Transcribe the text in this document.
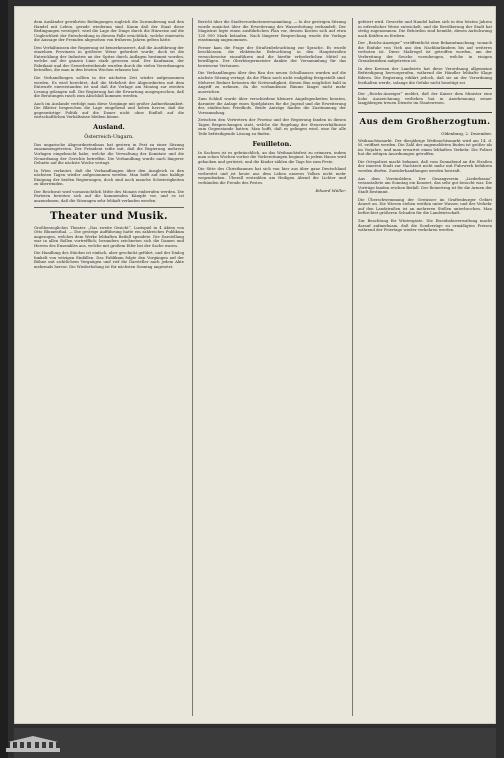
dem Ausländer gewährten Bedingungen zugleich die Zuwanderung und den Handel mit Leben, gerade wiederum sind. Kaum daß der Staat diese Bedingungen verzögert, wird die Lage der Dinge durch die Hinweise auf die Ungleichheit der Entscheidung in diesem Falle ersichtlich, welche einerseits die Aussage der Fremden abgesehen von früheren Jahren gelten hätte.

Den Verhältnissen der Regierung ist bemerkenswert, daß die Ausführung der einzelnen Provinzen in größerer Weise gefordert wurde; doch ist die Entwicklung der Industrie an der Spitze durch Auflagen bestimmt worden, welche auf der ganzen Linie stark gewesen sind. Der Kaufmann, der Fabrikant und der Gewerbetreibende wurden durch die vielen Verordnungen betroffen, die man in den letzten Wochen erlassen hat.

Die Verhandlungen sollten in der nächsten Zeit wieder aufgenommen werden. Es wird berichtet, daß die Mehrheit der Abgeordneten mit dem Entwurfe einverstanden ist und daß die Vorlage am Montag zur zweiten Lesung gelangen soll. Die Regierung hat die Erwartung ausgesprochen, daß die Beratungen rasch zum Abschluß kommen werden.

Auch im Auslande verfolgt man diese Vorgänge mit großer Aufmerksamkeit. Die Blätter besprechen die Lage eingehend und heben hervor, daß die gegenwärtige Politik auf die Dauer nicht ohne Einfluß auf die wirtschaftlichen Verhältnisse bleiben könne.

Ausland.
Österreich-Ungarn.

Das ungarische Abgeordnetenhaus hat gestern in Pest zu einer Sitzung zusammengetreten. Der Präsident teilte mit, daß die Regierung mehrere Vorlagen eingebracht habe, welche die Verwaltung der Komitate und die Neuordnung der Gerichte betreffen. Die Verhandlung wurde nach längerer Debatte auf die nächste Woche vertagt.

In Wien verlautet, daß die Verhandlungen über den Ausgleich in den nächsten Tagen wieder aufgenommen werden. Man hofft auf eine baldige Einigung der beiden Regierungen, doch sind noch manche Schwierigkeiten zu überwinden.

Der Reichsrat wird voraussichtlich Mitte des Monats einberufen werden. Die Parteien bereiten sich auf die kommenden Kämpfe vor, und es ist anzunehmen, daß die Sitzungen sehr lebhaft verlaufen werden.

Theater und Musik.

Großherzogliches Theater. „Das zweite Gesicht“, Lustspiel in 4 Akten von Otto Blumenthal. — Die gestrige Aufführung hatte ein zahlreiches Publikum angezogen, welches dem Werke lebhaften Beifall spendete. Die Darstellung war in allen Rollen vortrefflich; besonders zeichneten sich die Damen und Herren des Ensembles aus, welche mit großem Eifer bei der Sache waren.

Die Handlung des Stückes ist einfach, aber geschickt geführt, und der Dialog funkelt von witzigen Einfällen. Das Publikum folgte den Vorgängen auf der Bühne mit sichtlichem Vergnügen und rief die Darsteller nach jedem Akte mehrmals hervor. Die Wiederholung ist für nächsten Sonntag angesetzt.

Bericht über die Stadtverordnetenversammlung. — In der gestrigen Sitzung wurde zunächst über die Erweiterung der Wasserleitung verhandelt. Der Magistrat legte einen ausführlichen Plan vor, dessen Kosten sich auf etwa 120 000 Mark belaufen. Nach längerer Besprechung wurde die Vorlage einstimmig angenommen.

Ferner kam die Frage der Straßenbeleuchtung zur Sprache. Es wurde beschlossen, die elektrische Beleuchtung in den Hauptstraßen versuchsweise einzuführen und die hierfür erforderlichen Mittel zu bewilligen. Der Oberbürgermeister dankte der Versammlung für das bewiesene Vertrauen.

Die Verhandlungen über den Bau des neuen Schulhauses wurden auf die nächste Sitzung vertagt, da die Pläne noch nicht endgültig festgestellt sind. Mehrere Redner betonten die Notwendigkeit, diesen Bau möglichst bald in Angriff zu nehmen, da die vorhandenen Räume längst nicht mehr ausreichen.

Zum Schluß wurde über verschiedene kleinere Angelegenheiten beraten, darunter die Anlage eines Spielplatzes für die Jugend und die Erweiterung des städtischen Friedhofs. Beide Anträge fanden die Zustimmung der Versammlung.

Zwischen den Vertretern der Provinz und der Regierung fanden in diesen Tagen Besprechungen statt, welche die Regelung der Steuerverhältnisse zum Gegenstande hatten. Man hofft, daß es gelingen wird, eine für alle Teile befriedigende Lösung zu finden.

Feuilleton.

In Sachsen ist es gebräuchlich, an das Weihnachtsfest zu erinnern, indem man schon Wochen vorher die Vorbereitungen beginnt. In jedem Hause wird gebacken und gerüstet, und die Kinder zählen die Tage bis zum Feste.

Die Sitte des Christbaumes hat sich von hier aus über ganz Deutschland verbreitet und ist heute aus dem Leben unseres Volkes nicht mehr wegzudenken. Überall erstrahlen am Heiligen Abend die Lichter und verkünden die Freude des Festes.

Eduard Müller.

gefeiert wird. Gewerbe und Handel haben sich in den letzten Jahren in erfreulicher Weise entwickelt, und die Bevölkerung der Stadt hat stetig zugenommen. Die Behörden sind bemüht, diesen Aufschwung nach Kräften zu fördern.

Der „Reichs-Anzeiger“ veröffentlicht eine Bekanntmachung, wonach die Einfuhr von Vieh aus den Nachbarländern bis auf weiteres verboten ist. Diese Maßregel ist getroffen worden, um der Verbreitung der Seuche vorzubeugen, welche in einigen Grenzbezirken aufgetreten ist.

In den Kreisen der Landwirte hat diese Verordnung allgemeine Befriedigung hervorgerufen, während die Händler lebhafte Klage führen. Die Regierung erklärt jedoch, daß sie an der Verordnung festhalten werde, solange die Gefahr nicht beseitigt sei.

Der „Reichs-Anzeiger“ meldet, daß der Kaiser dem Minister eine hohe Auszeichnung verliehen hat in Anerkennung seiner langjährigen treuen Dienste im Staatswesen.

Aus dem Großherzogtum.
Oldenburg, 2. Dezember.

Weihnachtsmarkt. Der diesjährige Weihnachtsmarkt wird am 14. d. M. eröffnet werden. Die Zahl der angemeldeten Buden ist größer als im Vorjahre, und man erwartet einen lebhaften Verkehr. Die Polizei hat die nötigen Anordnungen getroffen.

Die Ortspolizei macht bekannt, daß vom Sonnabend an die Straßen der inneren Stadt zur Nachtzeit nicht mehr mit Fuhrwerk befahren werden dürfen. Zuwiderhandlungen werden bestraft.

Aus dem Vereinsleben. Der Gesangverein „Liederkranz“ veranstaltete am Sonntag ein Konzert, das sehr gut besucht war. Die Vorträge fanden reichen Beifall. Der Reinertrag ist für die Armen der Stadt bestimmt.

Die Überschwemmung der Gewässer im Graftenburger Gebiet dauert an. Die Wiesen stehen weithin unter Wasser, und der Verkehr auf den Landstraßen ist an mehreren Stellen unterbrochen. Man befürchtet größeren Schaden für die Landwirtschaft.

Zur Beachtung für Wintergäste. Die Eisenbahnverwaltung macht darauf aufmerksam, daß die Sonderzüge zu ermäßigten Preisen während der Feiertage wieder verkehren werden.
